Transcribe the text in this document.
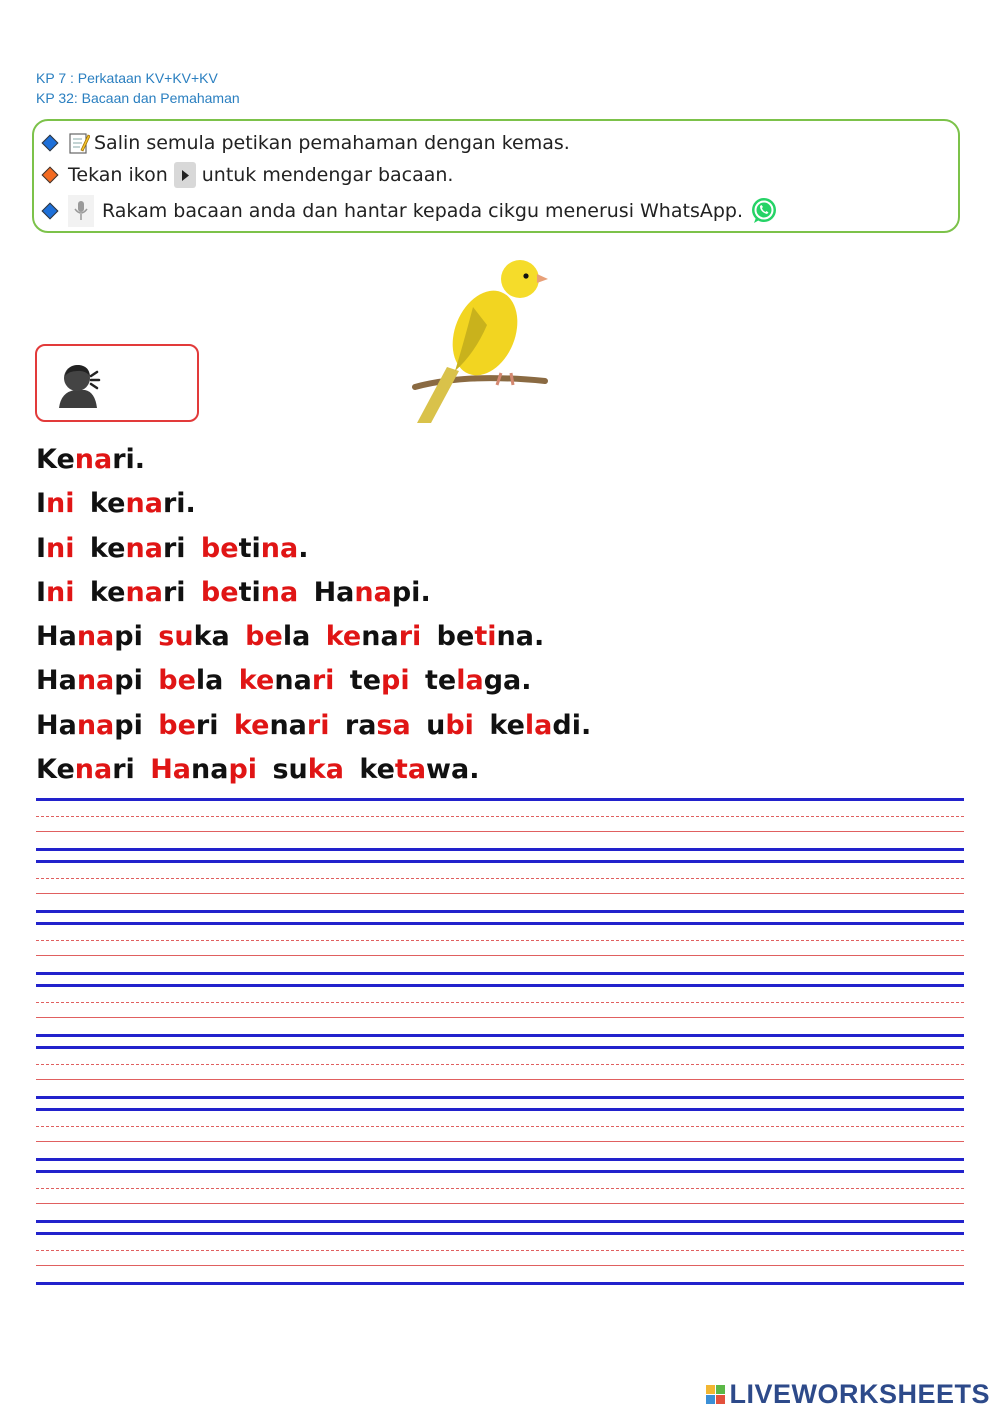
KP 7 : Perkataan KV+KV+KV
KP 32: Bacaan dan Pemahaman
Salin semula petikan pemahaman dengan kemas.
Tekan ikon untuk mendengar bacaan.
Rakam bacaan anda dan hantar kepada cikgu menerusi WhatsApp.
Kenari.
Ini kenari.
Ini kenari betina.
Ini kenari betina Hanapi.
Hanapi suka bela kenari betina.
Hanapi bela kenari tepi telaga.
Hanapi beri kenari rasa ubi keladi.
Kenari Hanapi suka ketawa.
LIVEWORKSHEETS
